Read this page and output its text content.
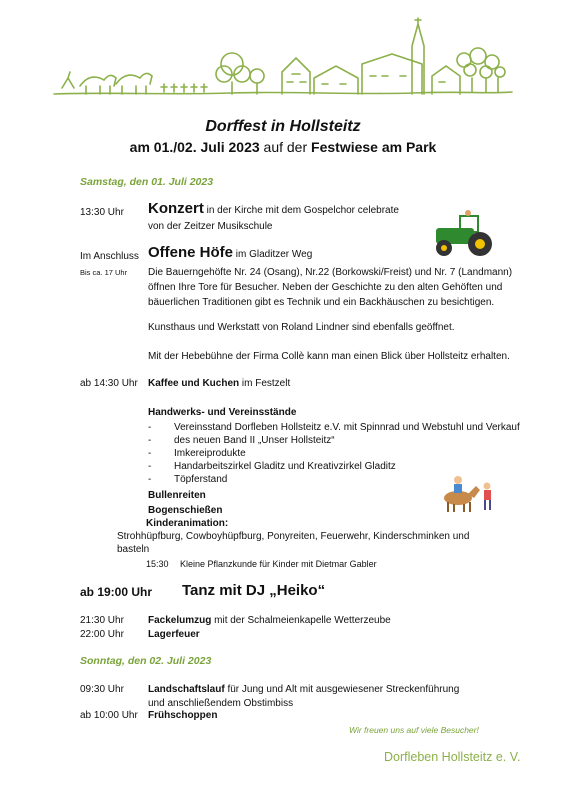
Dorffest in Hollsteitz
am 01./02. Juli 2023 auf der Festwiese am Park
Samstag, den 01. Juli 2023
13:30 Uhr Konzert in der Kirche mit dem Gospelchor celebrate
von der Zeitzer Musikschule
Im Anschluss
Bis ca. 17 Uhr
Offene Höfe im Gladitzer Weg
Die Bauerngehöfte Nr. 24 (Osang), Nr.22 (Borkowski/Freist) und Nr. 7 (Landmann)
öffnen Ihre Tore für Besucher. Neben der Geschichte zu den alten Gehöften und
bäuerlichen Traditionen gibt es Technik und ein Backhäuschen zu besichtigen.
Kunsthaus und Werkstatt von Roland Lindner sind ebenfalls geöffnet.
Mit der Hebebühne der Firma Collè kann man einen Blick über Hollsteitz erhalten.
ab 14:30 Uhr Kaffee und Kuchen im Festzelt
Handwerks- und Vereinsstände
- Vereinsstand Dorfleben Hollsteitz e.V. mit Spinnrad und Webstuhl und Verkauf
- des neuen Band II „Unser Hollsteitz“
- Imkereiprodukte
- Handarbeitszirkel Gladitz und Kreativzirkel Gladitz
- Töpferstand
Bullenreiten
Bogenschießen
Kinderanimation:
Strohhüpfburg, Cowboyhüpfburg, Ponyreiten, Feuerwehr, Kinderschminken und
basteln
15:30 Kleine Pflanzkunde für Kinder mit Dietmar Gabler
ab 19:00 Uhr Tanz mit DJ „Heiko“
21:30 Uhr Fackelumzug mit der Schalmeienkapelle Wetterzeube
22:00 Uhr Lagerfeuer
Sonntag, den 02. Juli 2023
09:30 Uhr Landschaftslauf für Jung und Alt mit ausgewiesener Streckenführung
und anschließendem Obstimbiss
ab 10:00 Uhr Frühschoppen
Wir freuen uns auf viele Besucher!
Dorfleben Hollsteitz e. V.
